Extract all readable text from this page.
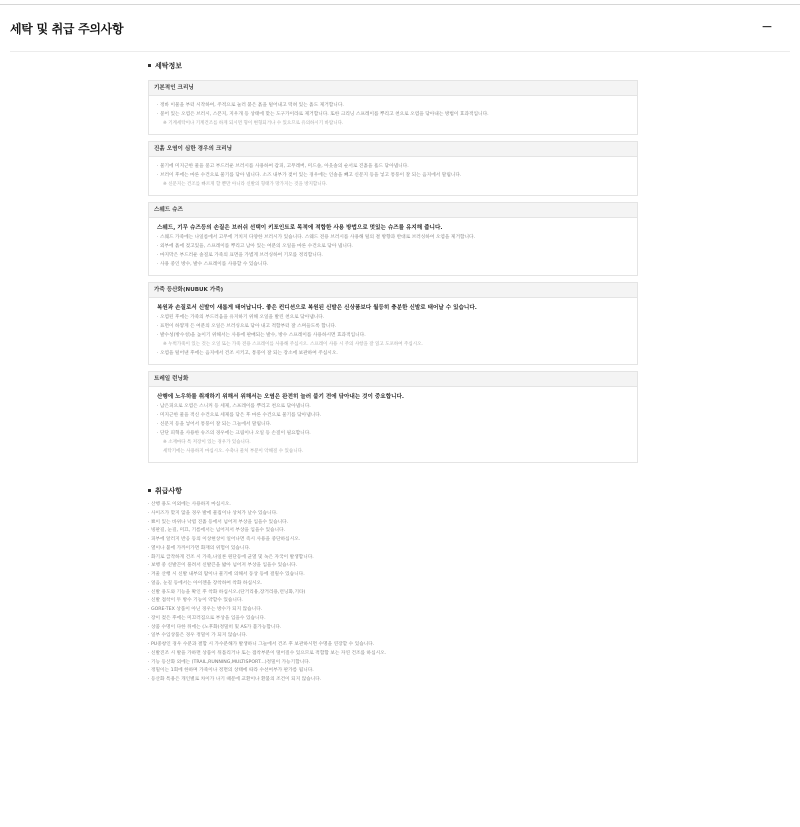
세탁 및 취급 주의사항	−
세탁정보
기본적인 크리닝
· 정바 이물을 부터 시작하여, 주적으로 눌러 붙은 흙을 털어내고 떡혀 있는 흙도 제거합니다.
· 묻어 있는 오염은 브러시, 스폰지, 지우개 등 상태에 맞는 도구가이라로 제거합니다. 또한 크리닝 스프레이를 뿌리고 천으로 오염을 닦아내는 방법이 효과적입니다.
※ 기계세탁이나 기계건조를 하게 되시면 형이 변형되거나 수 있으므로 유의하시기 바랍니다.
진흙 오염이 심한 경우의 크리닝
· 물기에 미지근한 물을 묻고 부드러운 브러시를 사용하여 갑피, 고무레버, 미드솔, 아웃솔의 순서로 진흙을 흘드 닦아냅니다.
· 브러이 후에는 마른 수건으로 물기를 닦아 냅니다. 소즈 내부가 젖어 있는 경우에는 인솔을 빼고 신문지 등을 넣고 통풍이 잘 되는 음지에서 말립니다.
※ 신문지는 건조를 빠르게 할 뿐만 아니라 신발의 형태가 망가지는 것을 방지합니다.
스웨드 슈즈
스웨드, 기무 슈즈등의 손질은 브러쉬 선택이 키포인트로 목적에 적합한 사용 방법으로 멋있는 슈즈를 유지해 줍니다.
· 스웨드 가죽에는 나일롬에서 고무에 거치지 다양한 브러시가 있습니다. 스웨드 전용 브러시를 사용해 털의 결 방향과 반대로 브러싱하여 오염을 제거합니다.
· 외부에 흙에 젖고있을, 스프레이를 뿌리고 남아 있는 여분의 오일을 마른 수건으로 닦아 냅니다.
· 마지막은 부드러운 솔질로 가죽의 표면을 가볍게 브러싱하여 기모를 정리합니다.
· 사용 중인 방수, 발수 스프레이를 사용할 수 있습니다.
가죽 등산화(NUBUK 가죽)
복원과 손질로서 신발이 새롭게 태어납니다. 좋은 컨디션으로 복원된 신발은 신상품보다 월등히 충분한 신발로 태어날 수 있습니다.
· 오염된 후에는 가죽의 부드러움을 유지하기 위해 오일을 발린 천으로 닦아냅니다.
· 표면이 하얗게 든 여분의 오일은 브러싱으로 닦아 내고 적합부터 잘 스며들도록 합니다.
· 발수성(방수성)을 높이기 위해서는 사용에 판매되는 발수, 방수 스프레이를 사용하시면 효과적입니다.
※ 누벅가죽이 있는 것는 오일 또는 가죽 전용 스프레이를 사용해 주십시오. 스프레이 사용 시 주의 사항을 잘 읽고 도포하여 주십시오.
· 오염을 털어낸 후에는 음지에서 건조 시키고, 통풍이 잘 되는 장소에 보관하여 주십시오.
트레일 런닝화
산행에 노우하를 취재하기 위해서 위해서는 오염은 완전히 늘러 붙기 전에 닦아내는 것이 중요합니다.
· 남은피으로 오염은 스니커 등 세제, 스프레이를 뿌리고 천으로 닦아냅니다.
· 미지근한 물을 적신 수건으로 세제를 닦은 후 마른 수건으로 물기를 닦아냅니다.
· 신문지 등을 넣어서 통풍이 잘 되는 그늘에서 말립니다.
· 단단 피혁을 사용한 슈즈의 경우에는 크림이나 오일 등 손질이 필요합니다.
※ 소재마다 특 저장이 있는 경우가 있습니다.
세탁기에는 사용하지 마십시오. 수축나 물처 부분이 악해질 수 있습니다.
취급사항
· 산행 용도 이외에는 사용하지 마십시오.
· 사이즈가 맞지 않을 경우 발에 물집이나 상처가 날수 있습니다.
· 뾰이 있는 바위나 낙엽 진흙 등에서 넘어져 부상을 입을수 있습니다.
· 빙판길, 눈길, 미끄, 기름에서는 넘어져서 부상을 입을수 있습니다.
· 피부에 알러지 반응 등의 이상현상이 일어나면 즉시 사용을 중단하십시오.
· 열이나 불에 가까이가면 화재의 위험이 있습니다.
· 화기로 급작하게 건조 시 가죽,나일론 원단등에 균열 및 녹은 자국이 발생합니다.
· 보행 중 신발끈이 풀려서 신발끈을 밟아 넘어져 부상을 입을수 있습니다.
· 겨울 산행 시 신발 내부의 땀이나 물기에 의해서 동상 등에 걸릴수 있습니다.
· 얼음, 눈길 등에서는 아이젠을 장착하여 착화 하십시오.
· 신발 용도와 기능을 확인 후 착화 하십시오.(단거리용,장거리용,런닝화,기타)
· 신발 접착이 두 방수 기능이 약할수 있습니다.
· GORE-TEX 상품이 아닌 경우는 방수가 되지 않습니다.
· 장이 젖은 후에는 미끄러짐으로 부상을 입을수 있습니다.
· 상품 수명이 다한 뒤에는 (노후화)정밀히 및 AS가 불가능합니다.
· 일부 수입상품은 경우 정밀이 가 되지 않습니다.
· PU중창인 경우 수분과 결합 시 가수분해가 발생하니 그늘에서 건조 후 보관하시면 수명을 연장할 수 있습니다.
· 신발진조 시 발을 가하면 상품이 뒤틀리거나 또는 접착부분이 떨어질수 있으므로 적합함 보는 자연 건조를 하십시오.
· 기능 등산화 외에는 (TRAIL,RUNNING,MULTISPORT...)정밀이 가능기합니다.
· 정밀이는 1회에 한하며 가죽이나 정면의 상태에 따라 수선여부가 판가름 됩니다.
· 등산화 특용은 개인별로 차이가 나기 때문에 교환이나 환불의 조건이 되지 않습니다.
